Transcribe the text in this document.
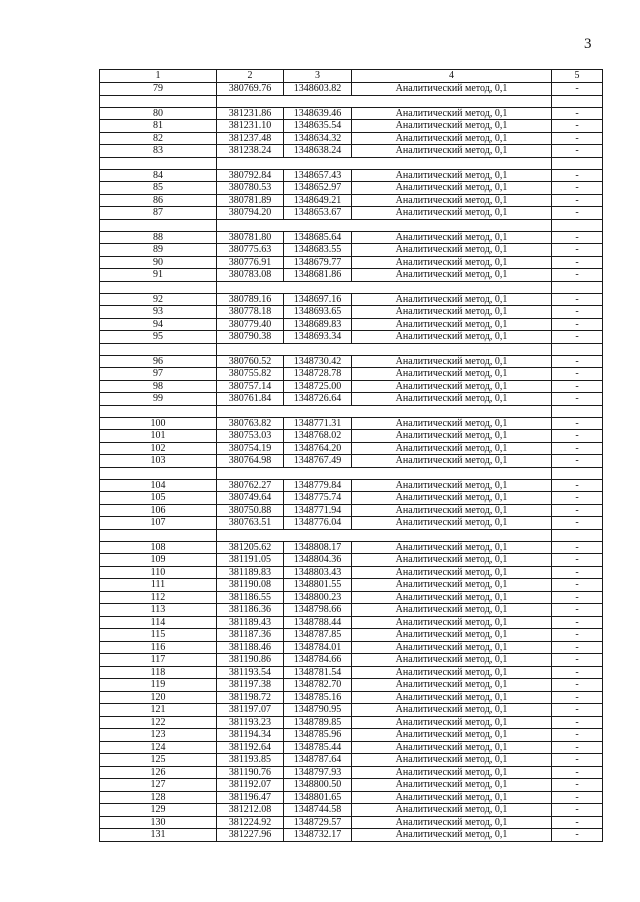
3
1	2	3	4	5
79	380769.76	1348603.82	Аналитический метод, 0,1	-

80	381231.86	1348639.46	Аналитический метод, 0,1	-
81	381231.10	1348635.54	Аналитический метод, 0,1	-
82	381237.48	1348634.32	Аналитический метод, 0,1	-
83	381238.24	1348638.24	Аналитический метод, 0,1	-

84	380792.84	1348657.43	Аналитический метод, 0,1	-
85	380780.53	1348652.97	Аналитический метод, 0,1	-
86	380781.89	1348649.21	Аналитический метод, 0,1	-
87	380794.20	1348653.67	Аналитический метод, 0,1	-

88	380781.80	1348685.64	Аналитический метод, 0,1	-
89	380775.63	1348683.55	Аналитический метод, 0,1	-
90	380776.91	1348679.77	Аналитический метод, 0,1	-
91	380783.08	1348681.86	Аналитический метод, 0,1	-

92	380789.16	1348697.16	Аналитический метод, 0,1	-
93	380778.18	1348693.65	Аналитический метод, 0,1	-
94	380779.40	1348689.83	Аналитический метод, 0,1	-
95	380790.38	1348693.34	Аналитический метод, 0,1	-

96	380760.52	1348730.42	Аналитический метод, 0,1	-
97	380755.82	1348728.78	Аналитический метод, 0,1	-
98	380757.14	1348725.00	Аналитический метод, 0,1	-
99	380761.84	1348726.64	Аналитический метод, 0,1	-

100	380763.82	1348771.31	Аналитический метод, 0,1	-
101	380753.03	1348768.02	Аналитический метод, 0,1	-
102	380754.19	1348764.20	Аналитический метод, 0,1	-
103	380764.98	1348767.49	Аналитический метод, 0,1	-

104	380762.27	1348779.84	Аналитический метод, 0,1	-
105	380749.64	1348775.74	Аналитический метод, 0,1	-
106	380750.88	1348771.94	Аналитический метод, 0,1	-
107	380763.51	1348776.04	Аналитический метод, 0,1	-

108	381205.62	1348808.17	Аналитический метод, 0,1	-
109	381191.05	1348804.36	Аналитический метод, 0,1	-
110	381189.83	1348803.43	Аналитический метод, 0,1	-
111	381190.08	1348801.55	Аналитический метод, 0,1	-
112	381186.55	1348800.23	Аналитический метод, 0,1	-
113	381186.36	1348798.66	Аналитический метод, 0,1	-
114	381189.43	1348788.44	Аналитический метод, 0,1	-
115	381187.36	1348787.85	Аналитический метод, 0,1	-
116	381188.46	1348784.01	Аналитический метод, 0,1	-
117	381190.86	1348784.66	Аналитический метод, 0,1	-
118	381193.54	1348781.54	Аналитический метод, 0,1	-
119	381197.38	1348782.70	Аналитический метод, 0,1	-
120	381198.72	1348785.16	Аналитический метод, 0,1	-
121	381197.07	1348790.95	Аналитический метод, 0,1	-
122	381193.23	1348789.85	Аналитический метод, 0,1	-
123	381194.34	1348785.96	Аналитический метод, 0,1	-
124	381192.64	1348785.44	Аналитический метод, 0,1	-
125	381193.85	1348787.64	Аналитический метод, 0,1	-
126	381190.76	1348797.93	Аналитический метод, 0,1	-
127	381192.07	1348800.50	Аналитический метод, 0,1	-
128	381196.47	1348801.65	Аналитический метод, 0,1	-
129	381212.08	1348744.58	Аналитический метод, 0,1	-
130	381224.92	1348729.57	Аналитический метод, 0,1	-
131	381227.96	1348732.17	Аналитический метод, 0,1	-
